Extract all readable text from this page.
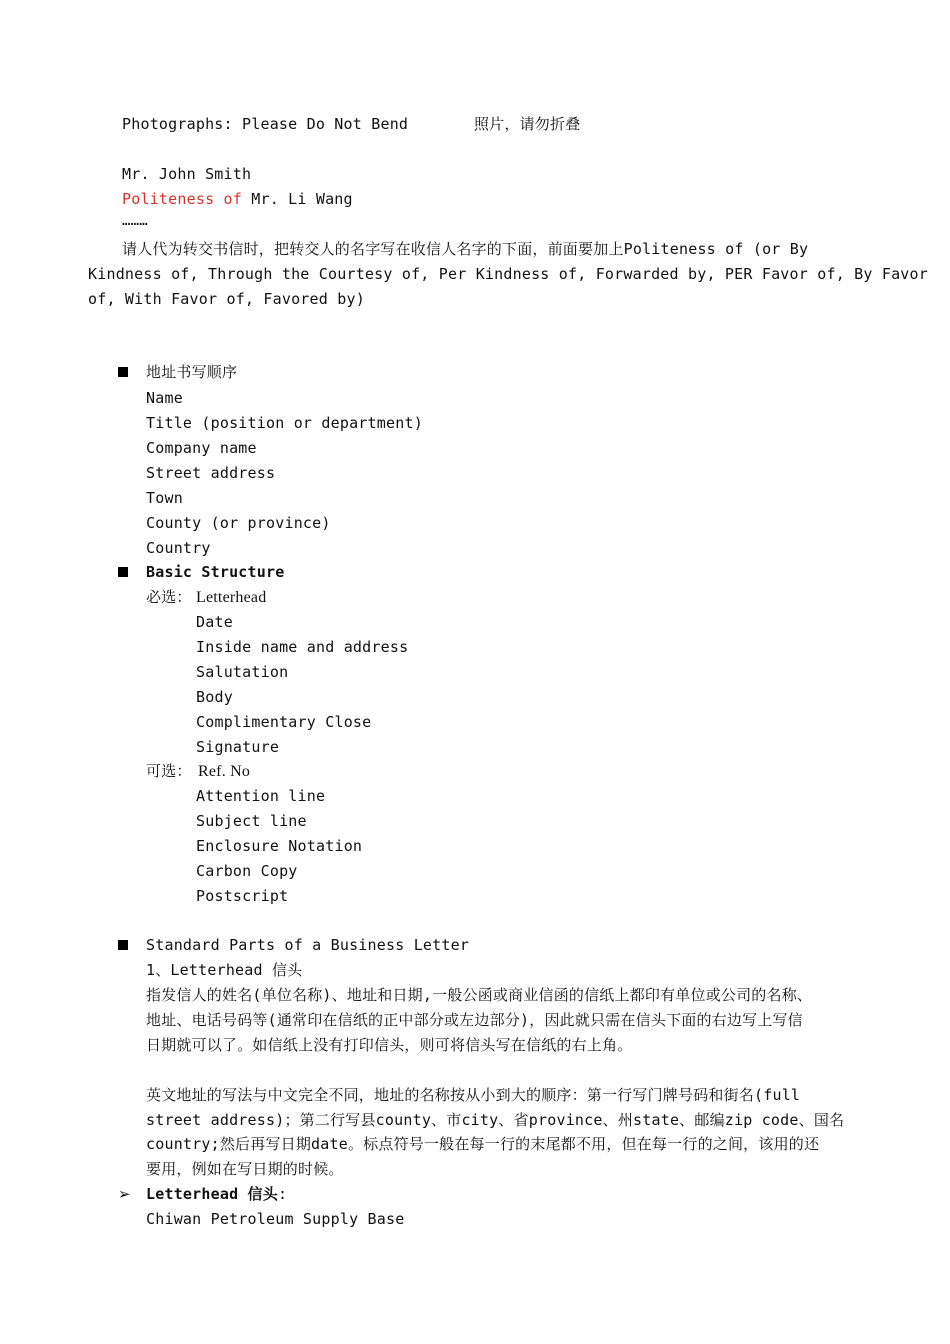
Photographs: Please Do Not Bend	照片，请勿折叠
Mr. John Smith
Politeness of Mr. Li Wang
………
请人代为转交书信时，把转交人的名字写在收信人名字的下面，前面要加上Politeness of (or By
Kindness of, Through the Courtesy of, Per Kindness of, Forwarded by, PER Favor of, By Favor
of, With Favor of, Favored by)
地址书写顺序
Name
Title (position or department)
Company name
Street address
Town
County (or province)
Country
Basic Structure
必选： Letterhead
Date
Inside name and address
Salutation
Body
Complimentary Close
Signature
可选： Ref. No
Attention line
Subject line
Enclosure Notation
Carbon Copy
Postscript
Standard Parts of a Business Letter
1、Letterhead 信头
指发信人的姓名(单位名称)、地址和日期,一般公函或商业信函的信纸上都印有单位或公司的名称、
地址、电话号码等(通常印在信纸的正中部分或左边部分)，因此就只需在信头下面的右边写上写信
日期就可以了。如信纸上没有打印信头，则可将信头写在信纸的右上角。
英文地址的写法与中文完全不同，地址的名称按从小到大的顺序：第一行写门牌号码和街名(full
street address)；第二行写县county、市city、省province、州state、邮编zip code、国名
country;然后再写日期date。标点符号一般在每一行的末尾都不用，但在每一行的之间，该用的还
要用，例如在写日期的时候。
➢ Letterhead 信头:
Chiwan Petroleum Supply Base
